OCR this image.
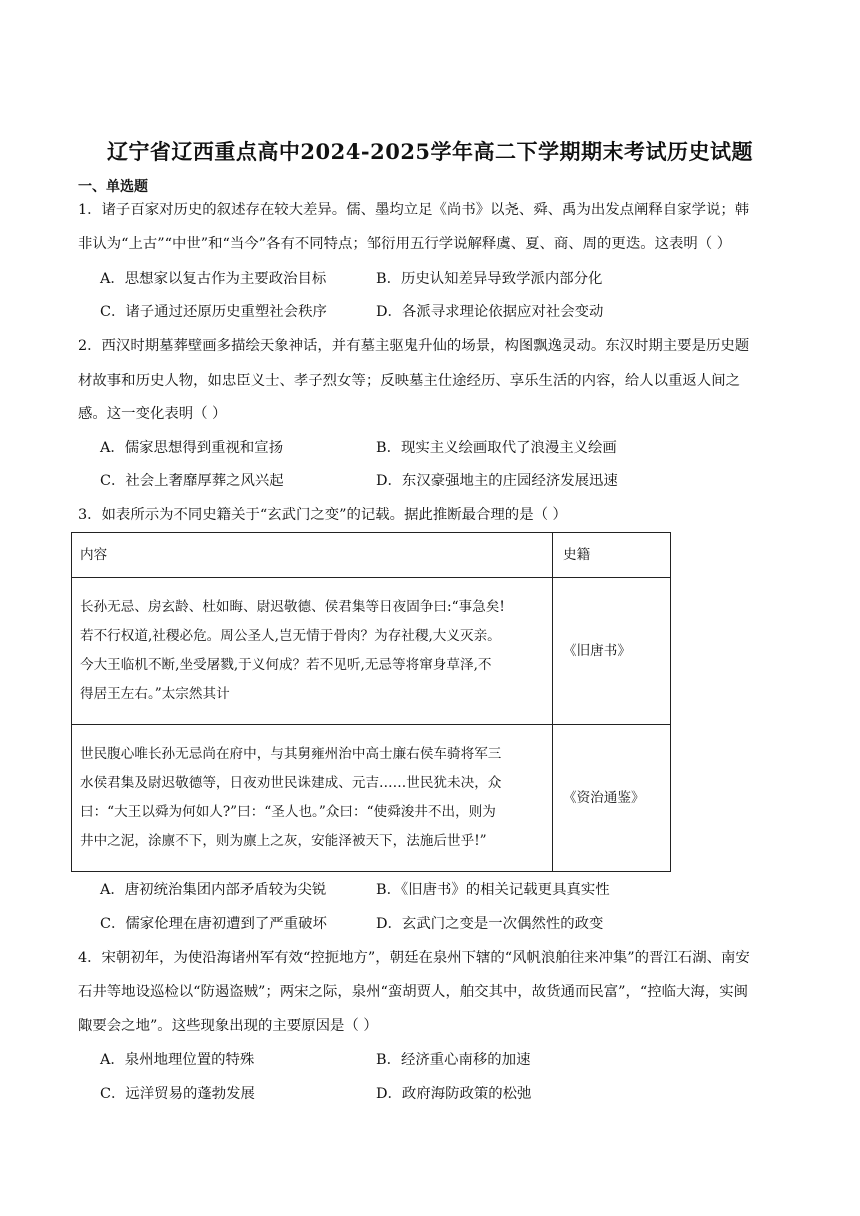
辽宁省辽西重点高中2024-2025学年高二下学期期末考试历史试题
一、单选题
1．诸子百家对历史的叙述存在较大差异。儒、墨均立足《尚书》以尧、舜、禹为出发点阐释自家学说；韩
非认为“上古”“中世”和“当今”各有不同特点；邹衍用五行学说解释虞、夏、商、周的更迭。这表明（ ）
A．思想家以复古作为主要政治目标	B．历史认知差异导致学派内部分化
C．诸子通过还原历史重塑社会秩序	D．各派寻求理论依据应对社会变动
2．西汉时期墓葬壁画多描绘天象神话，并有墓主驱鬼升仙的场景，构图飘逸灵动。东汉时期主要是历史题
材故事和历史人物，如忠臣义士、孝子烈女等；反映墓主仕途经历、享乐生活的内容，给人以重返人间之
感。这一变化表明（ ）
A．儒家思想得到重视和宣扬	B．现实主义绘画取代了浪漫主义绘画
C．社会上奢靡厚葬之风兴起	D．东汉豪强地主的庄园经济发展迅速
3．如表所示为不同史籍关于“玄武门之变”的记载。据此推断最合理的是（ ）
内容	史籍

长孙无忌、房玄龄、杜如晦、尉迟敬德、侯君集等日夜固争曰:“事急矣!
若不行权道,社稷必危。周公圣人,岂无情于骨肉？为存社稷,大义灭亲。
今大王临机不断,坐受屠戮,于义何成？若不见听,无忌等将窜身草泽,不
得居王左右。”太宗然其计	《旧唐书》

世民腹心唯长孙无忌尚在府中，与其舅雍州治中高士廉右侯车骑将军三
水侯君集及尉迟敬德等，日夜劝世民诛建成、元吉……世民犹未决，众
曰：“大王以舜为何如人?”曰：“圣人也。”众曰：“使舜浚井不出，则为
井中之泥，涂廪不下，则为廪上之灰，安能泽被天下，法施后世乎!”	《资治通鉴》
A．唐初统治集团内部矛盾较为尖锐	B．《旧唐书》的相关记载更具真实性
C．儒家伦理在唐初遭到了严重破坏	D．玄武门之变是一次偶然性的政变
4．宋朝初年，为使沿海诸州军有效“控扼地方”，朝廷在泉州下辖的“风帆浪舶往来冲集”的晋江石湖、南安
石井等地设巡检以“防遏盗贼”；两宋之际，泉州“蛮胡贾人，舶交其中，故货通而民富”，“控临大海，实闽
陬要会之地”。这些现象出现的主要原因是（ ）
A．泉州地理位置的特殊	B．经济重心南移的加速
C．远洋贸易的蓬勃发展	D．政府海防政策的松弛
